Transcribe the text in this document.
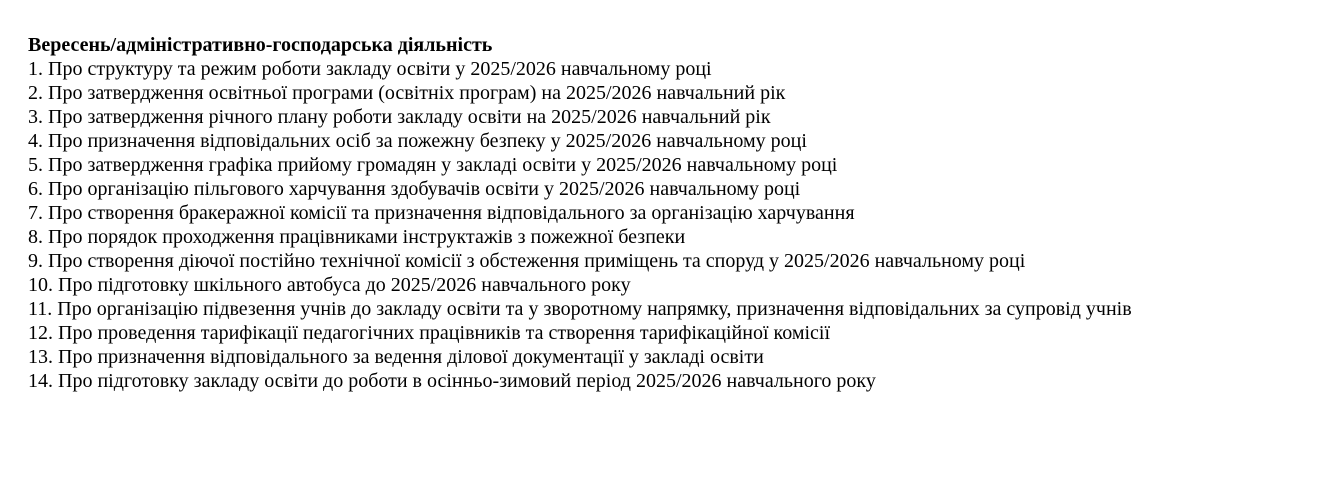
Вересень/адміністративно-господарська діяльність
1. Про структуру та режим роботи закладу освіти у 2025/2026 навчальному році
2. Про затвердження освітньої програми (освітніх програм) на 2025/2026 навчальний рік
3. Про затвердження річного плану роботи закладу освіти на 2025/2026 навчальний рік
4. Про призначення відповідальних осіб за пожежну безпеку у 2025/2026 навчальному році
5. Про затвердження графіка прийому громадян у закладі освіти у 2025/2026 навчальному році
6. Про організацію пільгового харчування здобувачів освіти у 2025/2026 навчальному році
7. Про створення бракеражної комісії та призначення відповідального за організацію харчування
8. Про порядок проходження працівниками інструктажів з пожежної безпеки
9. Про створення діючої постійно технічної комісії з обстеження приміщень та споруд у 2025/2026 навчальному році
10. Про підготовку шкільного автобуса до 2025/2026 навчального року
11. Про організацію підвезення учнів до закладу освіти та у зворотному напрямку, призначення відповідальних за супровід учнів
12. Про проведення тарифікації педагогічних працівників та створення тарифікаційної комісії
13. Про призначення відповідального за ведення ділової документації у закладі освіти
14. Про підготовку закладу освіти до роботи в осінньо-зимовий період 2025/2026 навчального року
